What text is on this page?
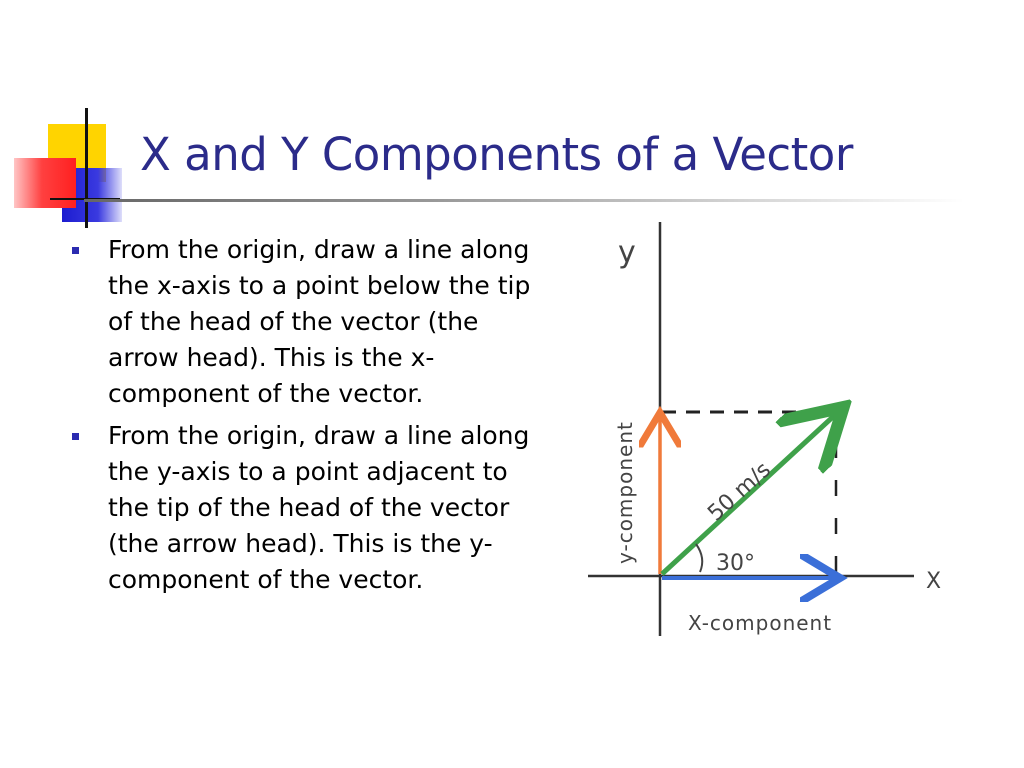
X and Y Components of a Vector
From the origin, draw a line along the x-axis to a point below the tip of the head of the vector (the arrow head). This is the x-component of the vector.
From the origin, draw a line along the y-axis to a point adjacent to the tip of the head of the vector (the arrow head). This is the y-component of the vector.
y
X
50 m/s
30°
X-component
y-component
